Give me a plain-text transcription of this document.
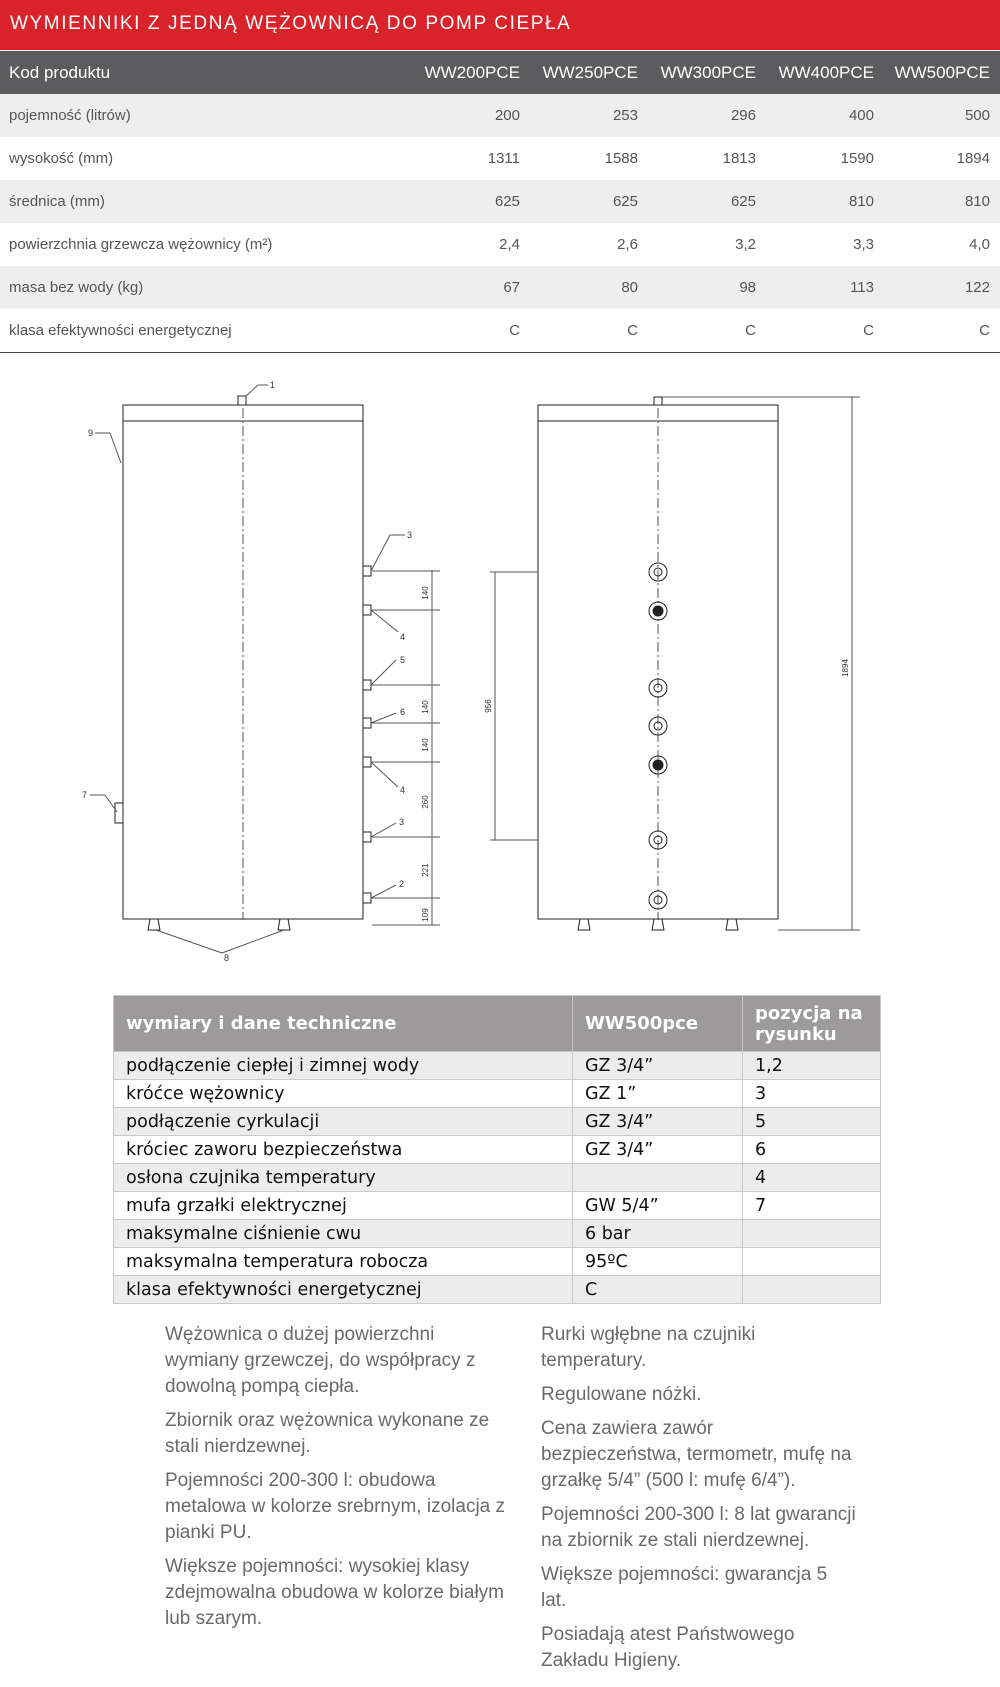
WYMIENNIKI Z JEDNĄ WĘŻOWNICĄ DO POMP CIEPŁA
Kod produktu	WW200PCE	WW250PCE	WW300PCE	WW400PCE	WW500PCE
pojemność (litrów)	200	253	296	400	500
wysokość (mm)	1311	1588	1813	1590	1894
średnica (mm)	625	625	625	810	810
powierzchnia grzewcza wężownicy (m²)	2,4	2,6	3,2	3,3	4,0
masa bez wody (kg)	67	80	98	113	122
klasa efektywności energetycznej	C	C	C	C	C
140
140
140
260
221
109
1
2
3
3
4
4
5
6
7
8
9
956
1894
wymiary i dane techniczne	WW500pce	pozycja na rysunku
podłączenie ciepłej i zimnej wody	GZ 3/4”	1,2
króćce wężownicy	GZ 1”	3
podłączenie cyrkulacji	GZ 3/4”	5
króciec zaworu bezpieczeństwa	GZ 3/4”	6
osłona czujnika temperatury		4
mufa grzałki elektrycznej	GW 5/4”	7
maksymalne ciśnienie cwu	6 bar	
maksymalna temperatura robocza	95ºC	
klasa efektywności energetycznej	C	

Wężownica o dużej powierzchni wymiany grzewczej, do współpracy z dowolną pompą ciepła.

Zbiornik oraz wężownica wykonane ze stali nierdzewnej.

Pojemności 200-300 l: obudowa metalowa w kolorze srebrnym, izolacja z pianki PU.

Większe pojemności: wysokiej klasy zdejmowalna obudowa w kolorze białym lub szarym.

Rurki wgłębne na czujniki temperatury.

Regulowane nóżki.

Cena zawiera zawór bezpieczeństwa, termometr, mufę na grzałkę 5/4” (500 l: mufę 6/4”).

Pojemności 200-300 l: 8 lat gwarancji na zbiornik ze stali nierdzewnej.

Większe pojemności: gwarancja 5 lat.

Posiadają atest Państwowego Zakładu Higieny.
